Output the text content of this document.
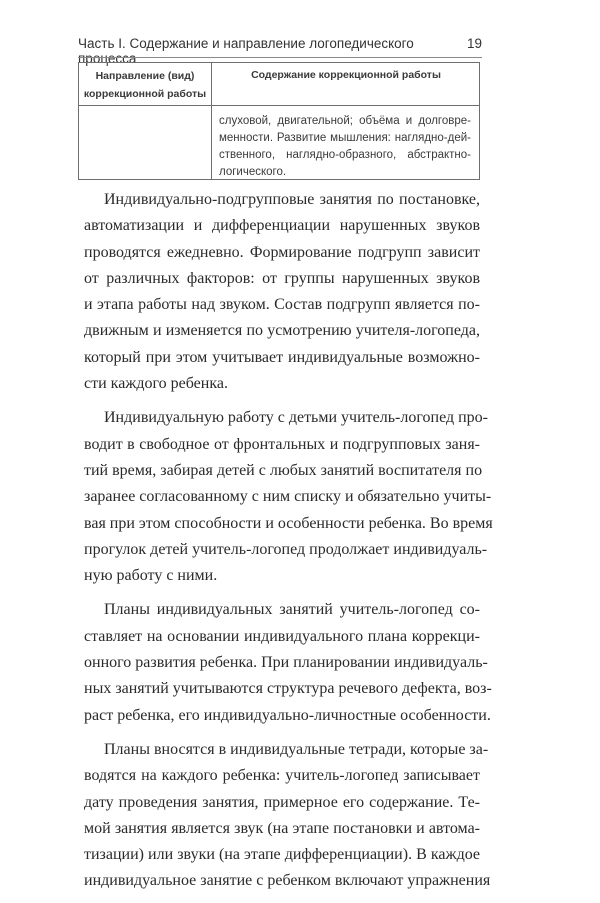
Часть I. Содержание и направление логопедического процесса
19
Направление (вид)
коррекционной работы
Содержание коррекционной работы
слуховой, двигательной; объёма и долговре-
менности. Развитие мышления: наглядно-дей-
ственного, наглядно-образного, абстрактно-
логического.
Индивидуально-подгрупповые занятия по постановке,
автоматизации и дифференциации нарушенных звуков
проводятся ежедневно. Формирование подгрупп зависит
от различных факторов: от группы нарушенных звуков
и этапа работы над звуком. Состав подгрупп является по-
движным и изменяется по усмотрению учителя-логопеда,
который при этом учитывает индивидуальные возможно-
сти каждого ребенка.
Индивидуальную работу с детьми учитель-логопед про-
водит в свободное от фронтальных и подгрупповых заня-
тий время, забирая детей с любых занятий воспитателя по
заранее согласованному с ним списку и обязательно учиты-
вая при этом способности и особенности ребенка. Во время
прогулок детей учитель-логопед продолжает индивидуаль-
ную работу с ними.
Планы индивидуальных занятий учитель-логопед со-
ставляет на основании индивидуального плана коррекци-
онного развития ребенка. При планировании индивидуаль-
ных занятий учитываются структура речевого дефекта, воз-
раст ребенка, его индивидуально-личностные особенности.
Планы вносятся в индивидуальные тетради, которые за-
водятся на каждого ребенка: учитель-логопед записывает
дату проведения занятия, примерное его содержание. Те-
мой занятия является звук (на этапе постановки и автома-
тизации) или звуки (на этапе дифференциации). В каждое
индивидуальное занятие с ребенком включают упражнения
